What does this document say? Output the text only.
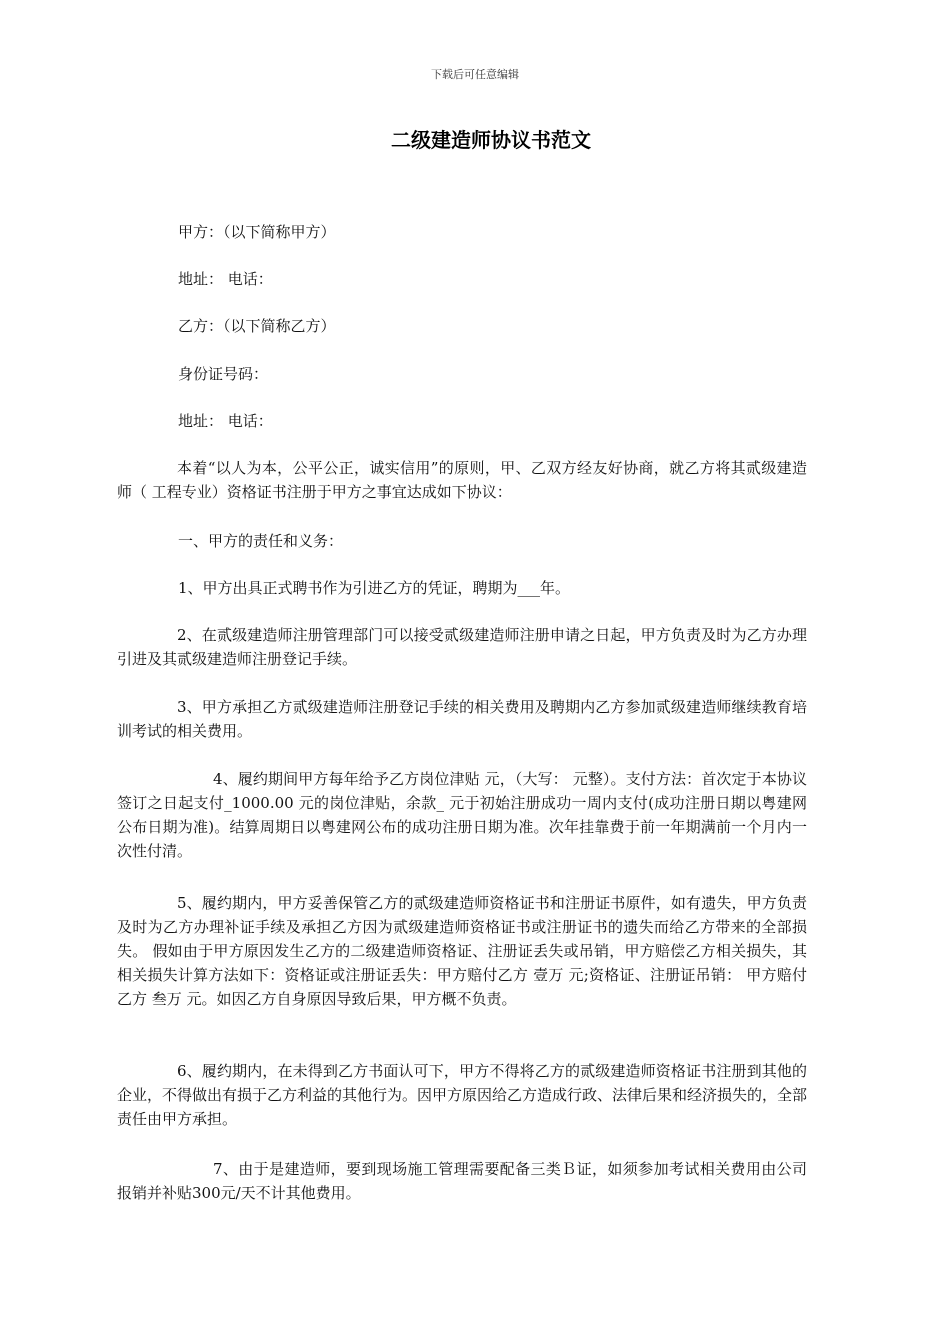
下载后可任意编辑
二级建造师协议书范文
甲方：（以下简称甲方）
地址： 电话：
乙方：（以下简称乙方）
身份证号码：
地址： 电话：
本着“以人为本，公平公正，诚实信用”的原则，甲、乙双方经友好协商，就乙方将其贰级建造师（ 工程专业）资格证书注册于甲方之事宜达成如下协议：
一、甲方的责任和义务：
1、甲方出具正式聘书作为引进乙方的凭证，聘期为___年。
2、在贰级建造师注册管理部门可以接受贰级建造师注册申请之日起，甲方负责及时为乙方办理引进及其贰级建造师注册登记手续。
3、甲方承担乙方贰级建造师注册登记手续的相关费用及聘期内乙方参加贰级建造师继续教育培训考试的相关费用。
4、履约期间甲方每年给予乙方岗位津贴 元，（大写： 元整）。支付方法：首次定于本协议签订之日起支付_1000.00 元的岗位津贴，余款_ 元于初始注册成功一周内支付(成功注册日期以粤建网公布日期为准)。结算周期日以粤建网公布的成功注册日期为准。次年挂靠费于前一年期满前一个月内一次性付清。
5、履约期内，甲方妥善保管乙方的贰级建造师资格证书和注册证书原件，如有遗失，甲方负责及时为乙方办理补证手续及承担乙方因为贰级建造师资格证书或注册证书的遗失而给乙方带来的全部损失。 假如由于甲方原因发生乙方的二级建造师资格证、注册证丢失或吊销，甲方赔偿乙方相关损失，其相关损失计算方法如下：资格证或注册证丢失：甲方赔付乙方 壹万 元;资格证、注册证吊销： 甲方赔付乙方 叁万 元。如因乙方自身原因导致后果，甲方概不负责。
6、履约期内，在未得到乙方书面认可下，甲方不得将乙方的贰级建造师资格证书注册到其他的企业，不得做出有损于乙方利益的其他行为。因甲方原因给乙方造成行政、法律后果和经济损失的，全部责任由甲方承担。
7、由于是建造师，要到现场施工管理需要配备三类Ｂ证，如须参加考试相关费用由公司报销并补贴300元/天不计其他费用。
